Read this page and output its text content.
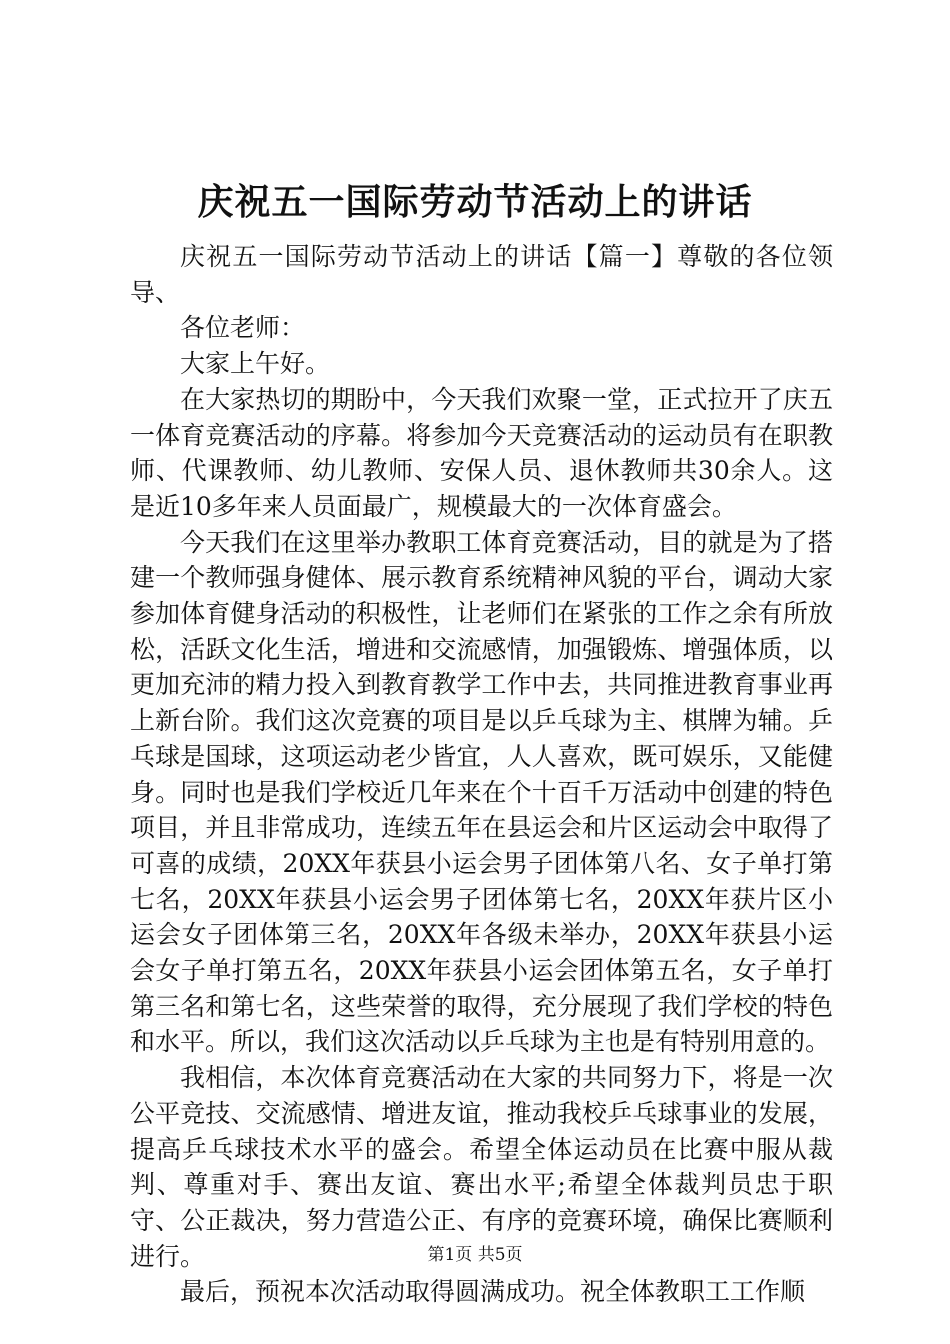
庆祝五一国际劳动节活动上的讲话

庆祝五一国际劳动节活动上的讲话【篇一】尊敬的各位领导、

各位老师：

大家上午好。

在大家热切的期盼中，今天我们欢聚一堂，正式拉开了庆五一体育竞赛活动的序幕。将参加今天竞赛活动的运动员有在职教师、代课教师、幼儿教师、安保人员、退休教师共30余人。这是近10多年来人员面最广，规模最大的一次体育盛会。

今天我们在这里举办教职工体育竞赛活动，目的就是为了搭建一个教师强身健体、展示教育系统精神风貌的平台，调动大家参加体育健身活动的积极性，让老师们在紧张的工作之余有所放松，活跃文化生活，增进和交流感情，加强锻炼、增强体质，以更加充沛的精力投入到教育教学工作中去，共同推进教育事业再上新台阶。我们这次竞赛的项目是以乒乓球为主、棋牌为辅。乒乓球是国球，这项运动老少皆宜，人人喜欢，既可娱乐，又能健身。同时也是我们学校近几年来在个十百千万活动中创建的特色项目，并且非常成功，连续五年在县运会和片区运动会中取得了可喜的成绩，20XX年获县小运会男子团体第八名、女子单打第七名，20XX年获县小运会男子团体第七名，20XX年获片区小运会女子团体第三名，20XX年各级未举办，20XX年获县小运会女子单打第五名，20XX年获县小运会团体第五名，女子单打第三名和第七名，这些荣誉的取得，充分展现了我们学校的特色和水平。所以，我们这次活动以乒乓球为主也是有特别用意的。

我相信，本次体育竞赛活动在大家的共同努力下，将是一次公平竞技、交流感情、增进友谊，推动我校乒乓球事业的发展，提高乒乓球技术水平的盛会。希望全体运动员在比赛中服从裁判、尊重对手、赛出友谊、赛出水平;希望全体裁判员忠于职守、公正裁决，努力营造公正、有序的竞赛环境，确保比赛顺利进行。

最后，预祝本次活动取得圆满成功。祝全体教职工工作顺

第1页 共5页
